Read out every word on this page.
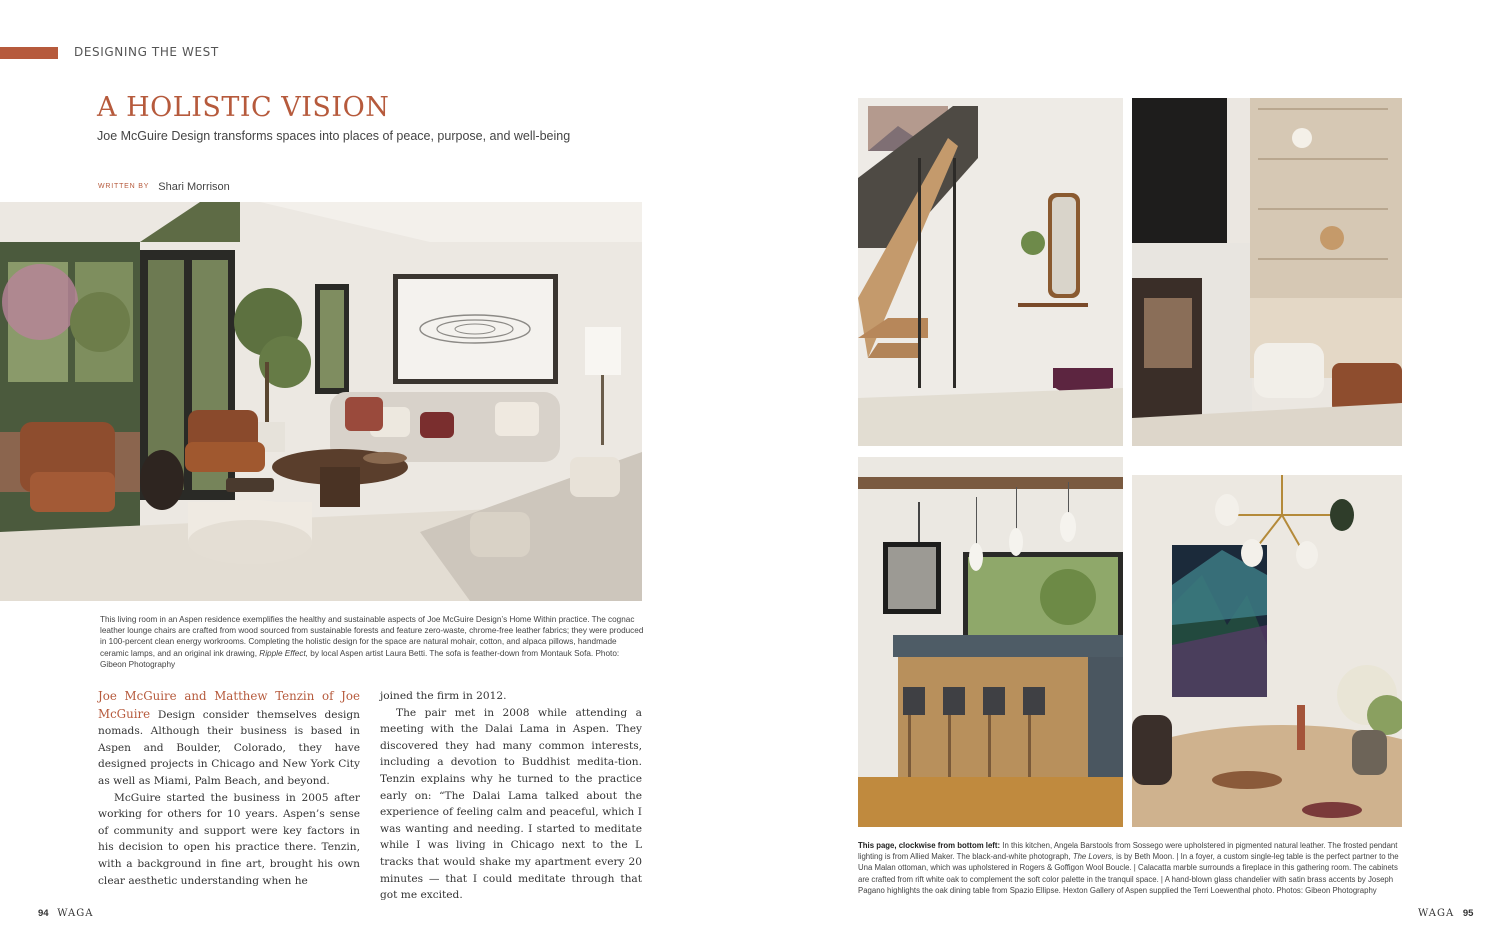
DESIGNING THE WEST
A HOLISTIC VISION
Joe McGuire Design transforms spaces into places of peace, purpose, and well-being
WRITTEN BY Shari Morrison
This living room in an Aspen residence exemplifies the healthy and sustainable aspects of Joe McGuire Design’s Home Within practice. The cognac leather lounge chairs are crafted from wood sourced from sustainable forests and feature zero-waste, chrome-free leather fabrics; they were produced in 100-percent clean energy workrooms. Completing the holistic design for the space are natural mohair, cotton, and alpaca pillows, handmade ceramic lamps, and an original ink drawing, Ripple Effect, by local Aspen artist Laura Betti. The sofa is feather-down from Montauk Sofa. Photo: Gibeon Photography

Joe McGuire and Matthew Tenzin of Joe McGuire Design consider themselves design nomads. Although their business is based in Aspen and Boulder, Colorado, they have designed projects in Chicago and New York City as well as Miami, Palm Beach, and beyond.

McGuire started the business in 2005 after working for others for 10 years. Aspen’s sense of community and support were key factors in his decision to open his practice there. Tenzin, with a background in fine art, brought his own clear aesthetic understanding when he

joined the firm in 2012.

The pair met in 2008 while attending a meeting with the Dalai Lama in Aspen. They discovered they had many common interests, including a devotion to Buddhist medita-tion. Tenzin explains why he turned to the practice early on: “The Dalai Lama talked about the experience of feeling calm and peaceful, which I was wanting and needing. I started to meditate while I was living in Chicago next to the L tracks that would shake my apartment every 20 minutes — that I could meditate through that got me excited.

94 WAGA
This page, clockwise from bottom left: In this kitchen, Angela Barstools from Sossego were upholstered in pigmented natural leather. The frosted pendant lighting is from Allied Maker. The black-and-white photograph, The Lovers, is by Beth Moon. | In a foyer, a custom single-leg table is the perfect partner to the Una Malan ottoman, which was upholstered in Rogers & Goffigon Wool Boucle. | Calacatta marble surrounds a fireplace in this gathering room. The cabinets are crafted from rift white oak to complement the soft color palette in the tranquil space. | A hand-blown glass chandelier with satin brass accents by Joseph Pagano highlights the oak dining table from Spazio Ellipse. Hexton Gallery of Aspen supplied the Terri Loewenthal photo. Photos: Gibeon Photography
WAGA 95
